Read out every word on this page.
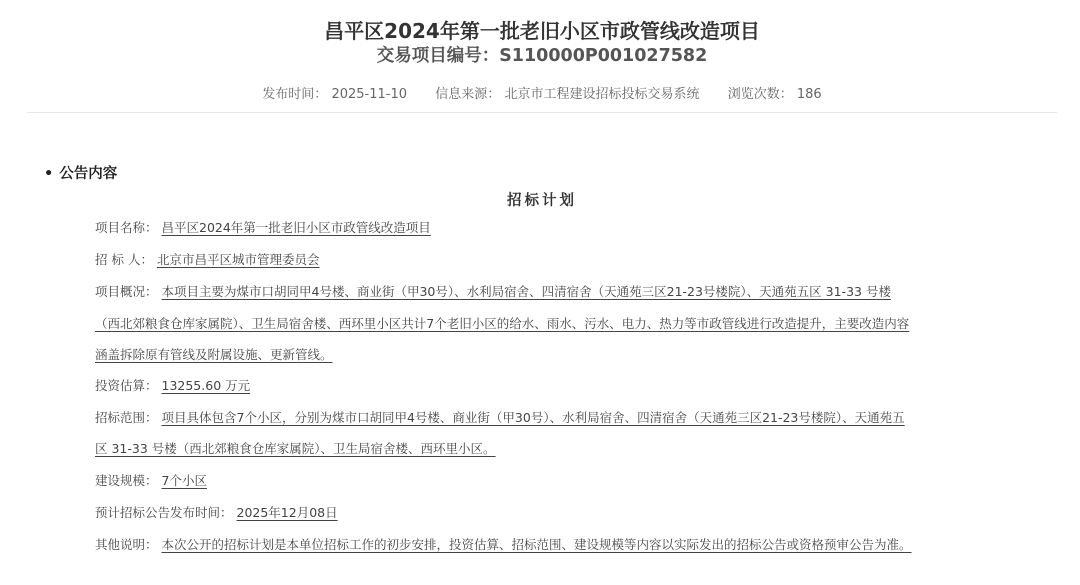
昌平区2024年第一批老旧小区市政管线改造项目
交易项目编号：S110000P001027582
发布时间： 2025-11-10 信息来源： 北京市工程建设招标投标交易系统 浏览次数： 186
• 公告内容
招标计划
项目名称： 昌平区2024年第一批老旧小区市政管线改造项目
招 标 人： 北京市昌平区城市管理委员会
项目概况： 本项目主要为煤市口胡同甲4号楼、商业街（甲30号）、水利局宿舍、四清宿舍（天通苑三区21-23号楼院）、天通苑五区 31-33 号楼
（西北郊粮食仓库家属院）、卫生局宿舍楼、西环里小区共计7个老旧小区的给水、雨水、污水、电力、热力等市政管线进行改造提升，主要改造内容
涵盖拆除原有管线及附属设施、更新管线。
投资估算： 13255.60 万元
招标范围： 项目具体包含7个小区，分别为煤市口胡同甲4号楼、商业街（甲30号）、水利局宿舍、四清宿舍（天通苑三区21-23号楼院）、天通苑五
区 31-33 号楼（西北郊粮食仓库家属院）、卫生局宿舍楼、西环里小区。
建设规模： 7个小区
预计招标公告发布时间： 2025年12月08日
其他说明： 本次公开的招标计划是本单位招标工作的初步安排，投资估算、招标范围、建设规模等内容以实际发出的招标公告或资格预审公告为准。
